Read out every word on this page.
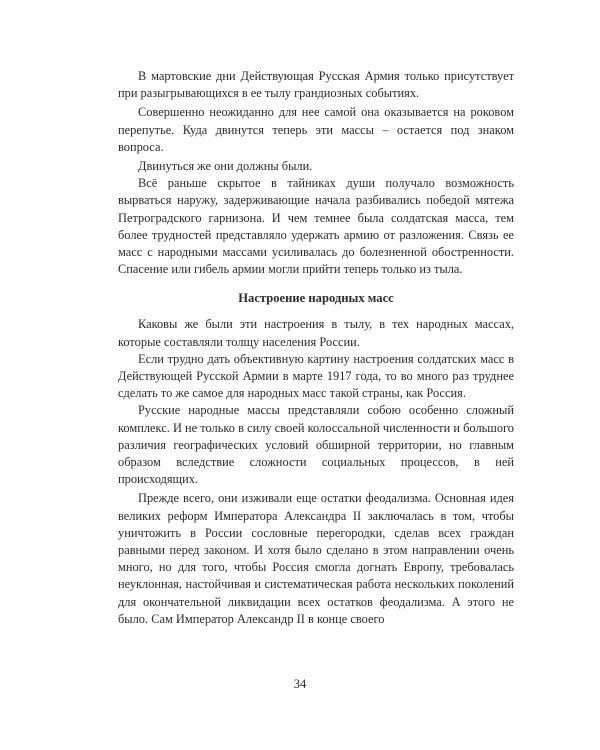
В мартовские дни Действующая Русская Армия только присутствует при разыгрывающихся в ее тылу грандиозных событиях.

Совершенно неожиданно для нее самой она оказывается на роковом перепутье. Куда двинутся теперь эти массы – остается под знаком вопроса.

Двинуться же они должны были.

Всё раньше скрытое в тайниках души получало возможность вырваться наружу, задерживающие начала разбивались победой мятежа Петроградского гарнизона. И чем темнее была солдатская масса, тем более трудностей представляло удержать армию от разложения. Связь ее масс с народными массами усиливалась до болезненной обостренности. Спасение или гибель армии могли прийти теперь только из тыла.

Настроение народных масс

Каковы же были эти настроения в тылу, в тех народных массах, которые составляли толщу населения России.

Если трудно дать объективную картину настроения солдатских масс в Действующей Русской Армии в марте 1917 года, то во много раз труднее сделать то же самое для народных масс такой страны, как Россия.

Русские народные массы представляли собою особенно сложный комплекс. И не только в силу своей колоссальной численности и большого различия географических условий обширной территории, но главным образом вследствие сложности социальных процессов, в ней происходящих.

Прежде всего, они изживали еще остатки феодализма. Основная идея великих реформ Императора Александра II заключалась в том, чтобы уничтожить в России сословные перегородки, сделав всех граждан равными перед законом. И хотя было сделано в этом направлении очень много, но для того, чтобы Россия смогла догнать Европу, требовалась неуклонная, настойчивая и систематическая работа нескольких поколений для окончательной ликвидации всех остатков феодализма. А этого не было. Сам Император Александр II в конце своего

34
